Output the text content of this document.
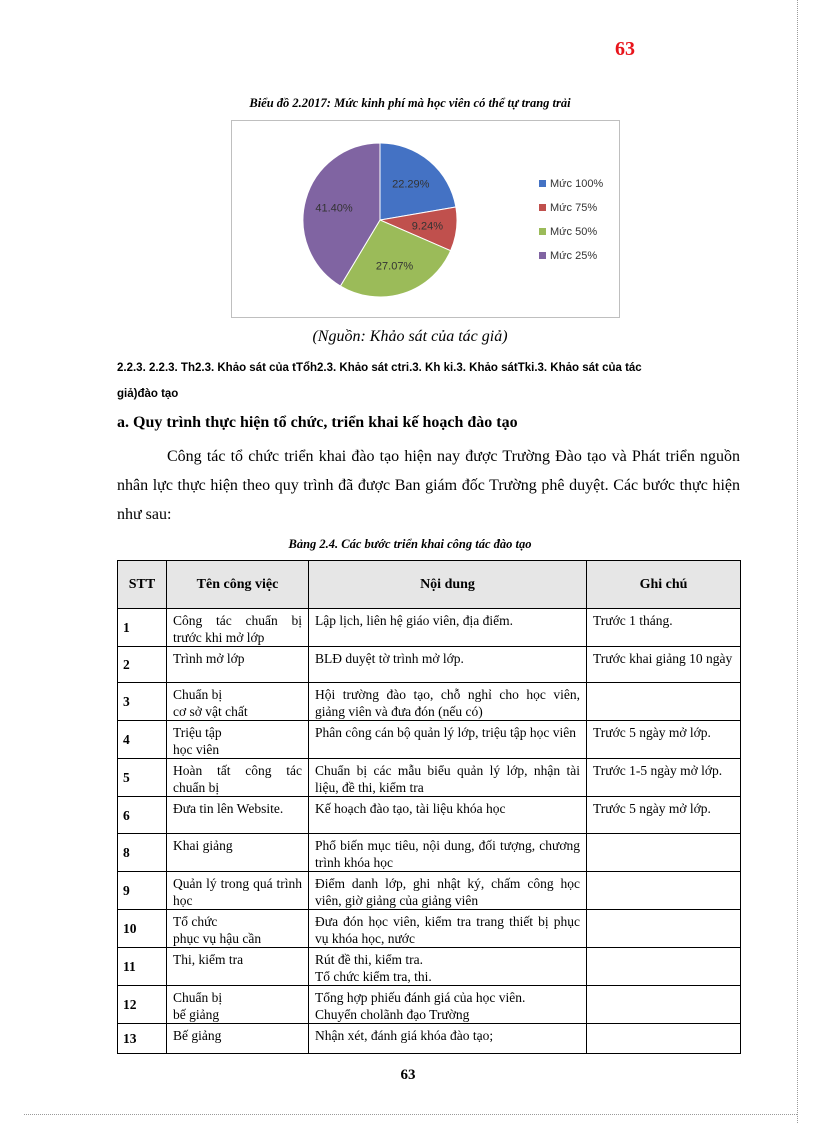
63
Biểu đồ 2.2017: Mức kinh phí mà học viên có thể tự trang trải
22.29%
9.24%
27.07%
41.40%
Mức 100%
Mức 75%
Mức 50%
Mức 25%
(Nguồn: Khảo sát của tác giả)
2.2.3. 2.2.3. Th2.3. Khảo sát của tTổh2.3. Khảo sát ctri.3. Kh ki.3. Khảo sátTki.3. Khảo sát của tác
giả)đào tạo
a. Quy trình thực hiện tổ chức, triển khai kế hoạch đào tạo
Công tác tổ chức triển khai đào tạo hiện nay được Trường Đào tạo và Phát triển nguồn nhân lực thực hiện theo quy trình đã được Ban giám đốc Trường phê duyệt. Các bước thực hiện như sau:
Bảng 2.4. Các bước triển khai công tác đào tạo
STT	Tên công việc	Nội dung	Ghi chú
1	Công tác chuẩn bị trước khi mở lớp	Lập lịch, liên hệ giáo viên, địa điểm.	Trước 1 tháng.
2	Trình mở lớp	BLĐ duyệt tờ trình mở lớp.	Trước khai giảng 10 ngày
3	Chuẩn bị
cơ sở vật chất	Hội trường đào tạo, chỗ nghỉ cho học viên, giảng viên và đưa đón (nếu có)	
4	Triệu tập
học viên	Phân công cán bộ quản lý lớp, triệu tập học viên	Trước 5 ngày mở lớp.
5	Hoàn tất công tác chuẩn bị	Chuẩn bị các mẫu biểu quản lý lớp, nhận tài liệu, đề thi, kiểm tra	Trước 1-5 ngày mở lớp.
6	Đưa tin lên Website.	Kế hoạch đào tạo, tài liệu khóa học	Trước 5 ngày mở lớp.
8	Khai giảng	Phổ biến mục tiêu, nội dung, đối tượng, chương trình khóa học	
9	Quản lý trong quá trình học	Điểm danh lớp, ghi nhật ký, chấm công học viên, giờ giảng của giảng viên	
10	Tổ chức
phục vụ hậu cần	Đưa đón học viên, kiểm tra trang thiết bị phục vụ khóa học, nước	
11	Thi, kiểm tra	Rút đề thi, kiểm tra.
Tổ chức kiểm tra, thi.	
12	Chuẩn bị
bế giảng	Tổng hợp phiếu đánh giá của học viên.
Chuyển cholãnh đạo Trường	
13	Bế giảng	Nhận xét, đánh giá khóa đào tạo;	
63
